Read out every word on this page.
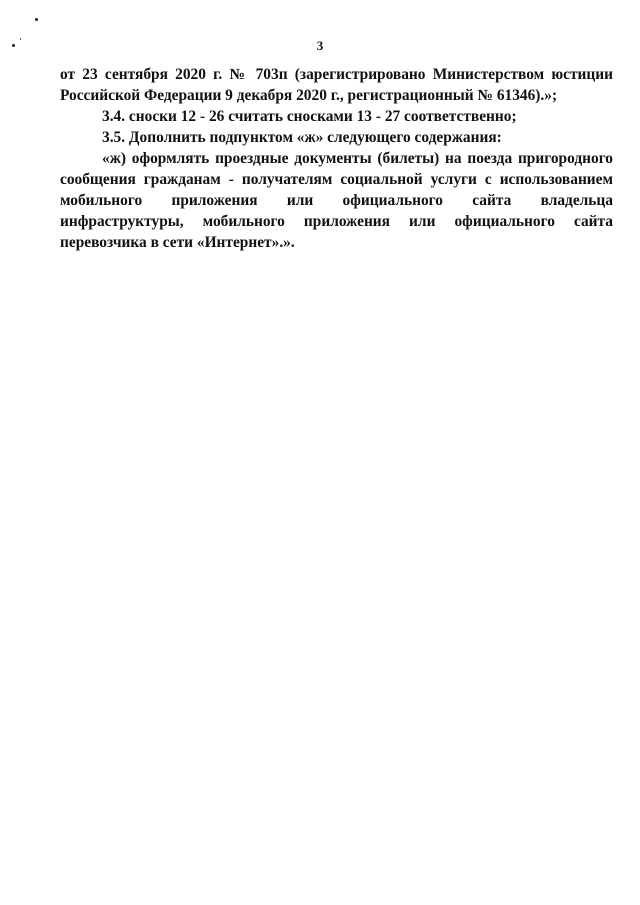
3

от 23 сентября 2020 г. № 703п (зарегистрировано Министерством юстиции Российской Федерации 9 декабря 2020 г., регистрационный № 61346).»;

3.4. сноски 12 - 26 считать сносками 13 - 27 соответственно;

3.5. Дополнить подпунктом «ж» следующего содержания:

«ж) оформлять проездные документы (билеты) на поезда пригородного сообщения гражданам - получателям социальной услуги с использованием мобильного приложения или официального сайта владельца инфраструктуры, мобильного приложения или официального сайта перевозчика в сети «Интернет».».
